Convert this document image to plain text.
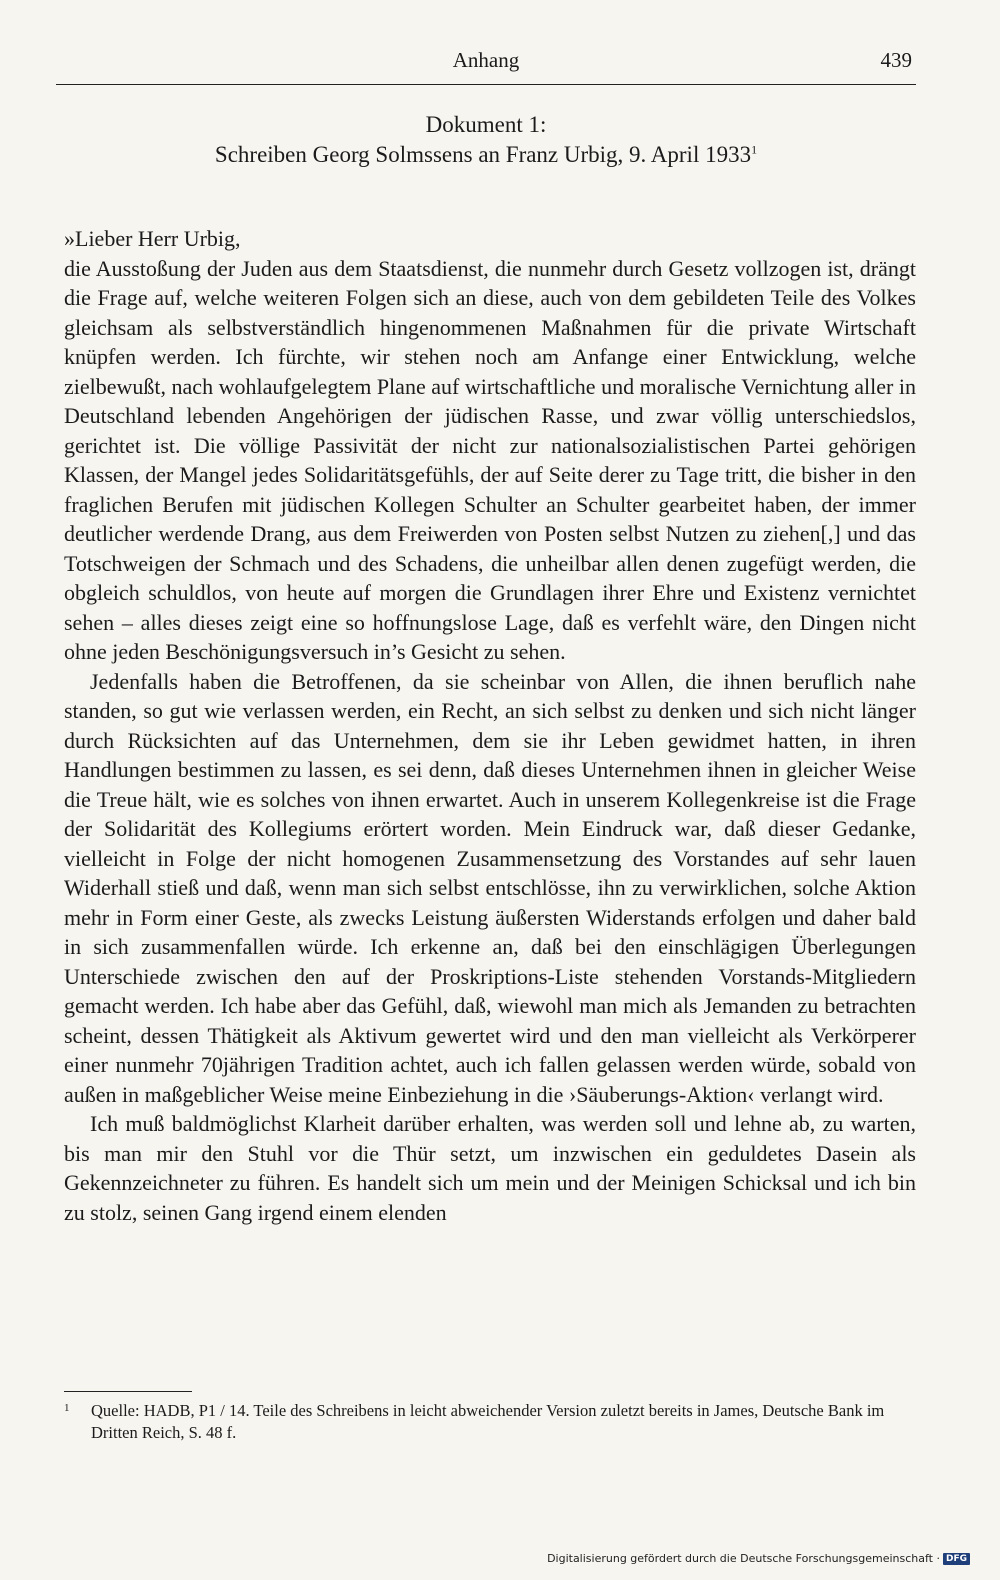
Anhang	439
Dokument 1:
Schreiben Georg Solmssens an Franz Urbig, 9. April 1933$^1$

»Lieber Herr Urbig,

die Ausstoßung der Juden aus dem Staatsdienst, die nunmehr durch Gesetz vollzogen ist, drängt die Frage auf, welche weiteren Folgen sich an diese, auch von dem gebildeten Teile des Volkes gleichsam als selbstverständlich hingenommenen Maßnahmen für die private Wirtschaft knüpfen werden. Ich fürchte, wir stehen noch am Anfange einer Entwicklung, welche zielbewußt, nach wohlaufgelegtem Plane auf wirtschaftliche und moralische Vernichtung aller in Deutschland lebenden Angehörigen der jüdischen Rasse, und zwar völlig unterschiedslos, gerichtet ist. Die völlige Passivität der nicht zur nationalsozialistischen Partei gehörigen Klassen, der Mangel jedes Solidaritätsgefühls, der auf Seite derer zu Tage tritt, die bisher in den fraglichen Berufen mit jüdischen Kollegen Schulter an Schulter gearbeitet haben, der immer deutlicher werdende Drang, aus dem Freiwerden von Posten selbst Nutzen zu ziehen[,] und das Totschweigen der Schmach und des Schadens, die unheilbar allen denen zugefügt werden, die obgleich schuldlos, von heute auf morgen die Grundlagen ihrer Ehre und Existenz vernichtet sehen – alles dieses zeigt eine so hoffnungslose Lage, daß es verfehlt wäre, den Dingen nicht ohne jeden Beschönigungsversuch in’s Gesicht zu sehen.

Jedenfalls haben die Betroffenen, da sie scheinbar von Allen, die ihnen beruflich nahe standen, so gut wie verlassen werden, ein Recht, an sich selbst zu denken und sich nicht länger durch Rücksichten auf das Unternehmen, dem sie ihr Leben gewidmet hatten, in ihren Handlungen bestimmen zu lassen, es sei denn, daß dieses Unternehmen ihnen in gleicher Weise die Treue hält, wie es solches von ihnen erwartet. Auch in unserem Kollegenkreise ist die Frage der Solidarität des Kollegiums erörtert worden. Mein Eindruck war, daß dieser Gedanke, vielleicht in Folge der nicht homogenen Zusammensetzung des Vorstandes auf sehr lauen Widerhall stieß und daß, wenn man sich selbst entschlösse, ihn zu verwirklichen, solche Aktion mehr in Form einer Geste, als zwecks Leistung äußersten Widerstands erfolgen und daher bald in sich zusammenfallen würde. Ich erkenne an, daß bei den einschlägigen Überlegungen Unterschiede zwischen den auf der Proskriptions-Liste stehenden Vorstands-Mitgliedern gemacht werden. Ich habe aber das Gefühl, daß, wiewohl man mich als Jemanden zu betrachten scheint, dessen Thätigkeit als Aktivum gewertet wird und den man vielleicht als Verkörperer einer nunmehr 70jährigen Tradition achtet, auch ich fallen gelassen werden würde, sobald von außen in maßgeblicher Weise meine Einbeziehung in die ›Säuberungs-Aktion‹ verlangt wird.

Ich muß baldmöglichst Klarheit darüber erhalten, was werden soll und lehne ab, zu warten, bis man mir den Stuhl vor die Thür setzt, um inzwischen ein geduldetes Dasein als Gekennzeichneter zu führen. Es handelt sich um mein und der Meinigen Schicksal und ich bin zu stolz, seinen Gang irgend einem elenden

1 Quelle: HADB, P1 / 14. Teile des Schreibens in leicht abweichender Version zuletzt bereits in James, Deutsche Bank im Dritten Reich, S. 48 f.
Digitalisierung gefördert durch die Deutsche Forschungsgemeinschaft · DFG
